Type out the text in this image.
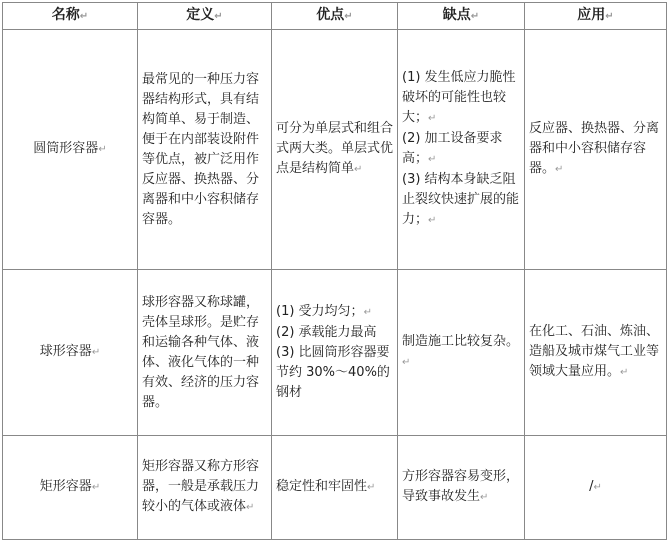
名称↵	定义↵	优点↵	缺点↵	应用↵
圆筒形容器↵	最常见的一种压力容器结构形式，具有结构简单、易于制造、便于在内部装设附件等优点，被广泛用作反应器、换热器、分离器和中小容积储存容器。	可分为单层式和组合式两大类。单层式优点是结构简单↵	(1) 发生低应力脆性破坏的可能性也较大；↵
(2) 加工设备要求高；↵
(3) 结构本身缺乏阻止裂纹快速扩展的能力；↵	反应器、换热器、分离器和中小容积储存容器。↵
球形容器↵	球形容器又称球罐，壳体呈球形。是贮存和运输各种气体、液体、液化气体的一种有效、经济的压力容器。	(1) 受力均匀；↵
(2) 承载能力最高
(3) 比圆筒形容器要节约 30%～40%的钢材	制造施工比较复杂。↵	在化工、石油、炼油、造船及城市煤气工业等领域大量应用。↵
矩形容器↵	矩形容器又称方形容器，一般是承载压力较小的气体或液体↵	稳定性和牢固性↵	方形容器容易变形，导致事故发生↵	/↵
